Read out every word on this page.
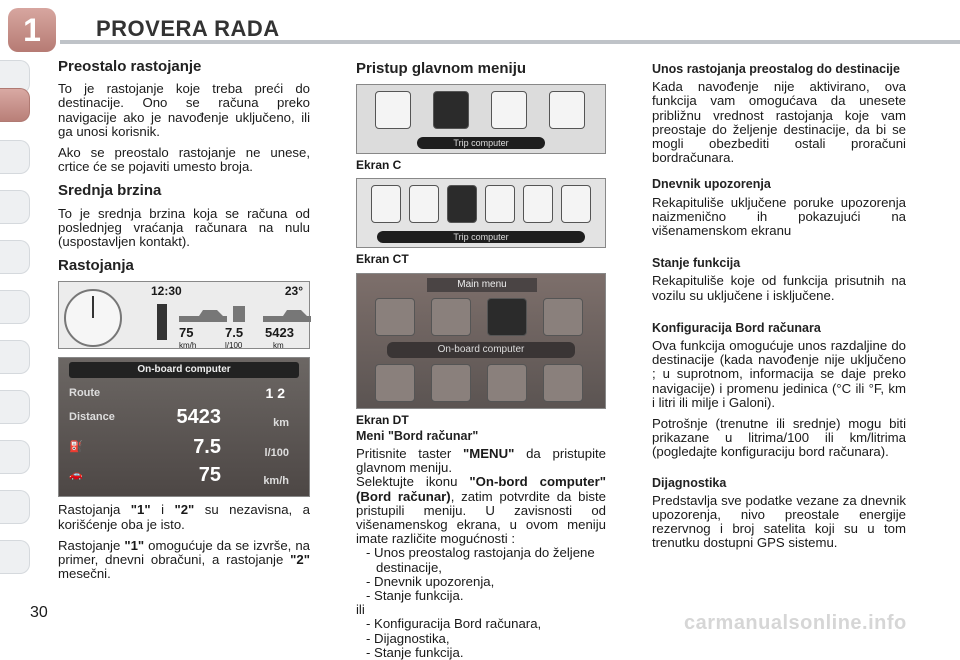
1	PROVERA RADA
Preostalo rastojanje

To je rastojanje koje treba preći do destinacije. Ono se računa preko navigacije ako je navođenje uključeno, ili ga unosi korisnik.

Ako se preostalo rastojanje ne unese, crtice će se pojaviti umesto broja.

Srednja brzina

To je srednja brzina koja se računa od poslednjeg vraćanja računara na nulu (uspostavljen kontakt).

Rastojanja
12:30	23°
75
km/h
7.5
l/100
5423
km
On-board computer
Route	1 2
Distance	5423	km
⛽	7.5	l/100
🚗	75	km/h

Rastojanja "1" i "2" su nezavisna, a korišćenje oba je isto.

Rastojanje "1" omogućuje da se izvrše, na primer, dnevni obračuni, a rastojanje "2" mesečni.

Pristup glavnom meniju
Trip computer
Ekran C
Trip computer
Ekran CT
Main menu
On-board computer
Ekran DT
Meni "Bord računar"

Pritisnite taster "MENU" da pristupite glavnom meniju.

Selektujte ikonu "On-bord computer" (Bord računar), zatim potvrdite da biste pristupili meniju. U zavisnosti od višenamenskog ekrana, u ovom meniju imate različite mogućnosti :

- Unos preostalog rastojanja do željene destinacije,
- Dnevnik upozorenja,
- Stanje funkcija.
ili
- Konfiguracija Bord računara,
- Dijagnostika,
- Stanje funkcija.
Unos rastojanja preostalog do destinacije

Kada navođenje nije aktivirano, ova funkcija vam omogućava da unesete približnu vrednost rastojanja koje vam preostaje do željenje destinacije, da bi se mogli obezbediti ostali proračuni bordračunara.

Dnevnik upozorenja

Rekapituliše uključene poruke upozorenja naizmenično ih pokazujući na višenamenskom ekranu

Stanje funkcija

Rekapituliše koje od funkcija prisutnih na vozilu su uključene i isključene.

Konfiguracija Bord računara

Ova funkcija omogućuje unos razdaljine do destinacije (kada navođenje nije uključeno ; u suprotnom, informacija se daje preko navigacije) i promenu jedinica (°C ili °F, km i litri ili milje i Galoni).

Potrošnje (trenutne ili srednje) mogu biti prikazane u litrima/100 ili km/litrima (pogledajte konfiguraciju bord računara).

Dijagnostika

Predstavlja sve podatke vezane za dnevnik upozorenja, nivo preostale energije rezervnog i broj satelita koji su u tom trenutku dostupni GPS sistemu.

30	carmanualsonline.info
